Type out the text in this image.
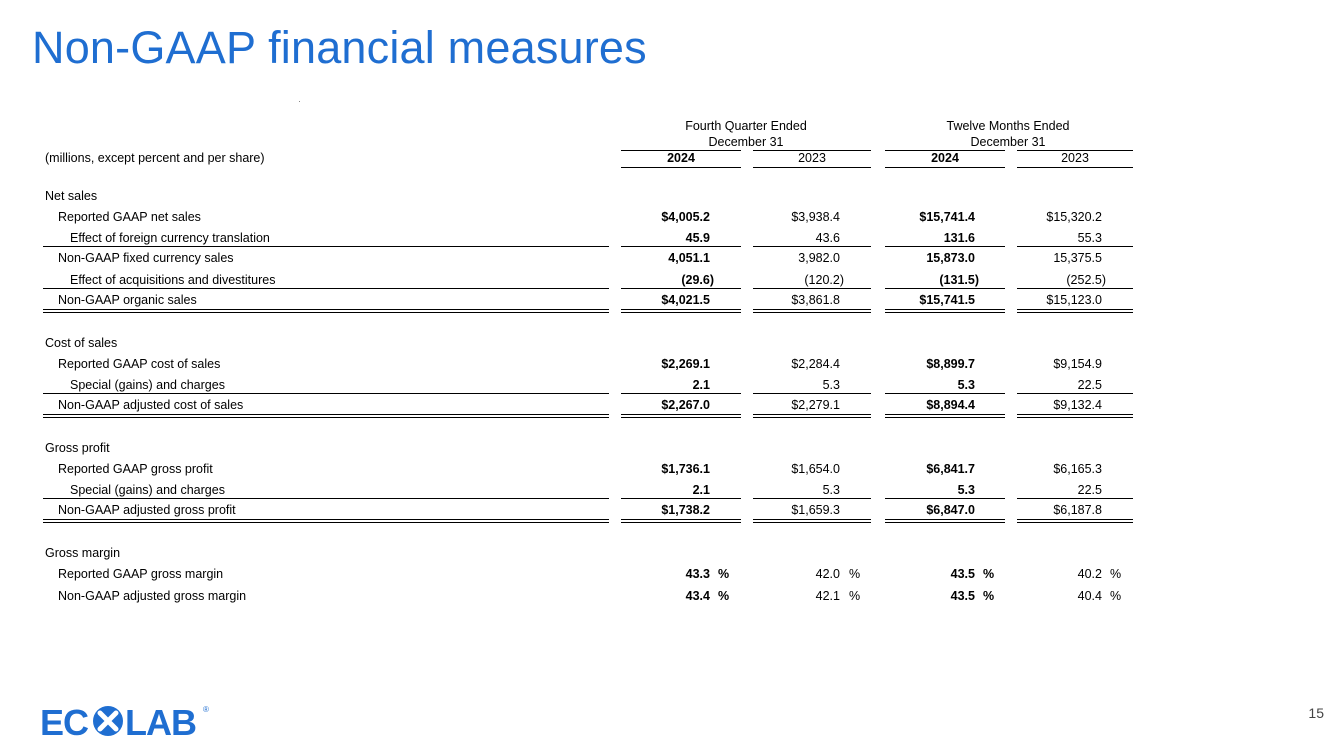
Non-GAAP financial measures
Fourth Quarter Ended
December 31
Twelve Months Ended
December 31
(millions, except percent and per share)	2024	2023	2024	2023
Net sales
Reported GAAP net sales	$4,005.2	$3,938.4	$15,741.4	$15,320.2
Effect of foreign currency translation	45.9	43.6	131.6	55.3
Non-GAAP fixed currency sales	4,051.1	3,982.0	15,873.0	15,375.5
Effect of acquisitions and divestitures	(29.6)	(120.2)	(131.5)	(252.5)
Non-GAAP organic sales	$4,021.5	$3,861.8	$15,741.5	$15,123.0
Cost of sales
Reported GAAP cost of sales	$2,269.1	$2,284.4	$8,899.7	$9,154.9
Special (gains) and charges	2.1	5.3	5.3	22.5
Non-GAAP adjusted cost of sales	$2,267.0	$2,279.1	$8,894.4	$9,132.4
Gross profit
Reported GAAP gross profit	$1,736.1	$1,654.0	$6,841.7	$6,165.3
Special (gains) and charges	2.1	5.3	5.3	22.5
Non-GAAP adjusted gross profit	$1,738.2	$1,659.3	$6,847.0	$6,187.8
Gross margin
Reported GAAP gross margin	43.3 %	42.0 %	43.5 %	40.2 %
Non-GAAP adjusted gross margin	43.4 %	42.1 %	43.5 %	40.4 %
EC LAB ®	15
